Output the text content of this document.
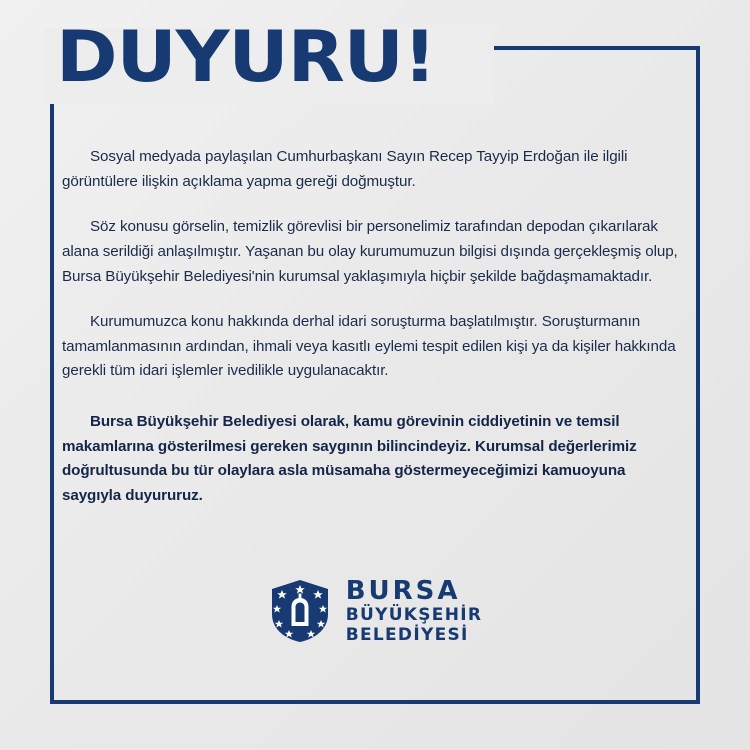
DUYURU!

Sosyal medyada paylaşılan Cumhurbaşkanı Sayın Recep Tayyip Erdoğan ile ilgili görüntülere ilişkin açıklama yapma gereği doğmuştur.

Söz konusu görselin, temizlik görevlisi bir personelimiz tarafından depodan çıkarılarak alana serildiği anlaşılmıştır. Yaşanan bu olay kurumumuzun bilgisi dışında gerçekleşmiş olup, Bursa Büyükşehir Belediyesi'nin kurumsal yaklaşımıyla hiçbir şekilde bağdaşmamaktadır.

Kurumumuzca konu hakkında derhal idari soruşturma başlatılmıştır. Soruşturmanın tamamlanmasının ardından, ihmali veya kasıtlı eylemi tespit edilen kişi ya da kişiler hakkında gerekli tüm idari işlemler ivedilikle uygulanacaktır.

Bursa Büyükşehir Belediyesi olarak, kamu görevinin ciddiyetinin ve temsil makamlarına gösterilmesi gereken saygının bilincindeyiz. Kurumsal değerlerimiz doğrultusunda bu tür olaylara asla müsamaha göstermeyeceğimizi kamuoyuna saygıyla duyururuz.

BURSA
BÜYÜKŞEHİR
BELEDİYESİ
